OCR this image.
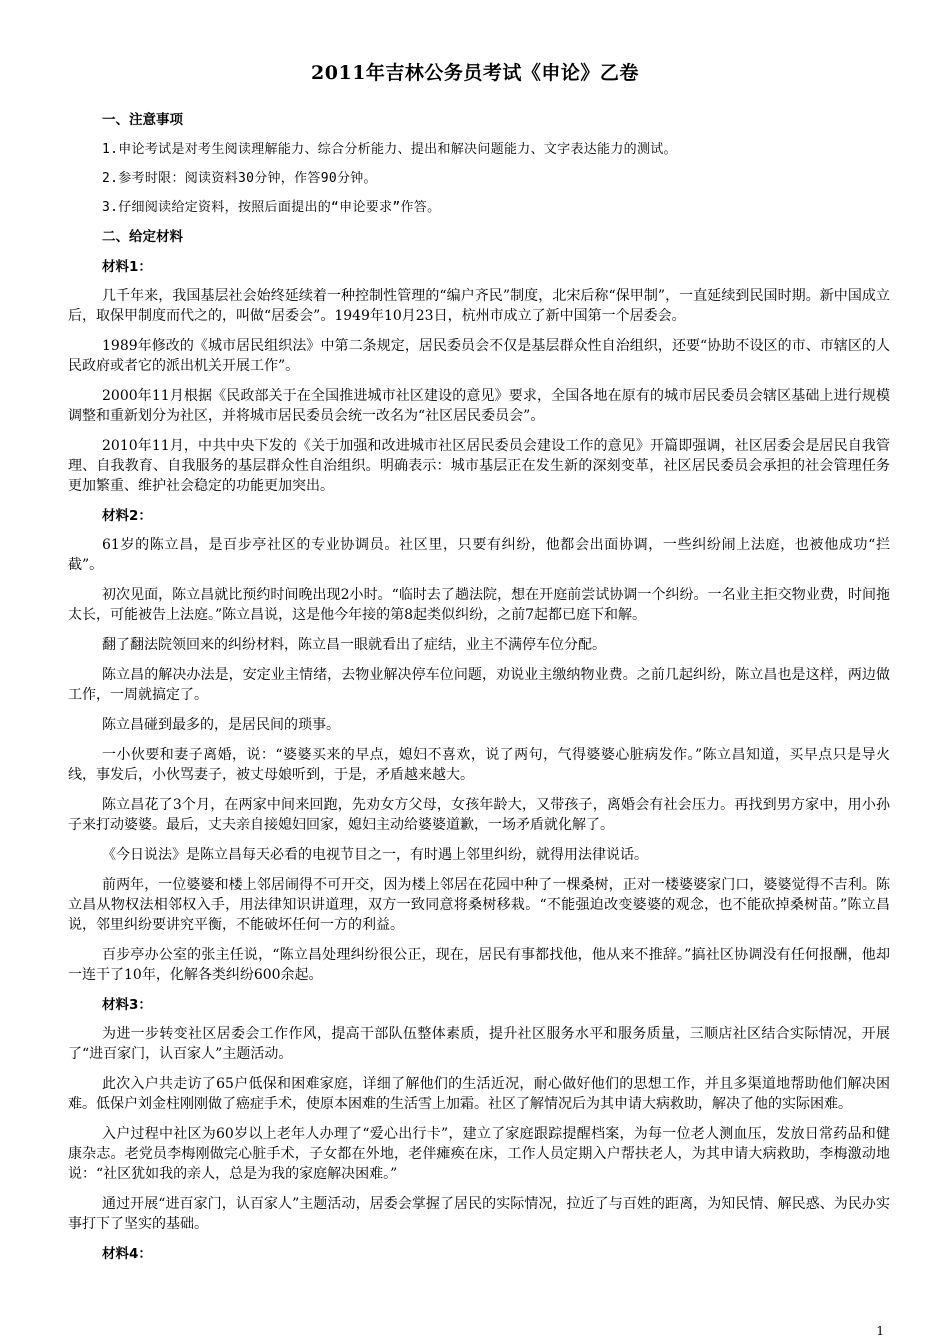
2011年吉林公务员考试《申论》乙卷
一、注意事项
1.申论考试是对考生阅读理解能力、综合分析能力、提出和解决问题能力、文字表达能力的测试。
2.参考时限：阅读资料30分钟，作答90分钟。
3.仔细阅读给定资料，按照后面提出的“申论要求”作答。
二、给定材料
材料1：

几千年来，我国基层社会始终延续着一种控制性管理的“编户齐民”制度，北宋后称“保甲制”，一直延续到民国时期。新中国成立后，取保甲制度而代之的，叫做“居委会”。1949年10月23日，杭州市成立了新中国第一个居委会。

1989年修改的《城市居民组织法》中第二条规定，居民委员会不仅是基层群众性自治组织，还要“协助不设区的市、市辖区的人民政府或者它的派出机关开展工作”。

2000年11月根据《民政部关于在全国推进城市社区建设的意见》要求，全国各地在原有的城市居民委员会辖区基础上进行规模调整和重新划分为社区，并将城市居民委员会统一改名为“社区居民委员会”。

2010年11月，中共中央下发的《关于加强和改进城市社区居民委员会建设工作的意见》开篇即强调，社区居委会是居民自我管理、自我教育、自我服务的基层群众性自治组织。明确表示：城市基层正在发生新的深刻变革，社区居民委员会承担的社会管理任务更加繁重、维护社会稳定的功能更加突出。

材料2：

61岁的陈立昌，是百步亭社区的专业协调员。社区里，只要有纠纷，他都会出面协调，一些纠纷闹上法庭，也被他成功“拦截”。

初次见面，陈立昌就比预约时间晚出现2小时。“临时去了趟法院，想在开庭前尝试协调一个纠纷。一名业主拒交物业费，时间拖太长，可能被告上法庭。”陈立昌说，这是他今年接的第8起类似纠纷，之前7起都已庭下和解。

翻了翻法院领回来的纠纷材料，陈立昌一眼就看出了症结，业主不满停车位分配。

陈立昌的解决办法是，安定业主情绪，去物业解决停车位问题，劝说业主缴纳物业费。之前几起纠纷，陈立昌也是这样，两边做工作，一周就搞定了。

陈立昌碰到最多的，是居民间的琐事。

一小伙要和妻子离婚，说：“婆婆买来的早点，媳妇不喜欢，说了两句，气得婆婆心脏病发作。”陈立昌知道，买早点只是导火线，事发后，小伙骂妻子，被丈母娘听到，于是，矛盾越来越大。

陈立昌花了3个月，在两家中间来回跑，先劝女方父母，女孩年龄大，又带孩子，离婚会有社会压力。再找到男方家中，用小孙子来打动婆婆。最后，丈夫亲自接媳妇回家，媳妇主动给婆婆道歉，一场矛盾就化解了。

《今日说法》是陈立昌每天必看的电视节目之一，有时遇上邻里纠纷，就得用法律说话。

前两年，一位婆婆和楼上邻居闹得不可开交，因为楼上邻居在花园中种了一棵桑树，正对一楼婆婆家门口，婆婆觉得不吉利。陈立昌从物权法相邻权入手，用法律知识讲道理，双方一致同意将桑树移栽。“不能强迫改变婆婆的观念，也不能砍掉桑树苗。”陈立昌说，邻里纠纷要讲究平衡，不能破坏任何一方的利益。

百步亭办公室的张主任说，“陈立昌处理纠纷很公正，现在，居民有事都找他，他从来不推辞。”搞社区协调没有任何报酬，他却一连干了10年，化解各类纠纷600余起。

材料3：

为进一步转变社区居委会工作作风，提高干部队伍整体素质，提升社区服务水平和服务质量，三顺店社区结合实际情况，开展了“进百家门，认百家人”主题活动。

此次入户共走访了65户低保和困难家庭，详细了解他们的生活近况，耐心做好他们的思想工作，并且多渠道地帮助他们解决困难。低保户刘金柱刚刚做了癌症手术，使原本困难的生活雪上加霜。社区了解情况后为其申请大病救助，解决了他的实际困难。

入户过程中社区为60岁以上老年人办理了“爱心出行卡”，建立了家庭跟踪提醒档案，为每一位老人测血压，发放日常药品和健康杂志。老党员李梅刚做完心脏手术，子女都在外地，老伴瘫痪在床，工作人员定期入户帮扶老人，为其申请大病救助，李梅激动地说：“社区犹如我的亲人，总是为我的家庭解决困难。”

通过开展“进百家门，认百家人”主题活动，居委会掌握了居民的实际情况，拉近了与百姓的距离，为知民情、解民惑、为民办实事打下了坚实的基础。

材料4：
1
